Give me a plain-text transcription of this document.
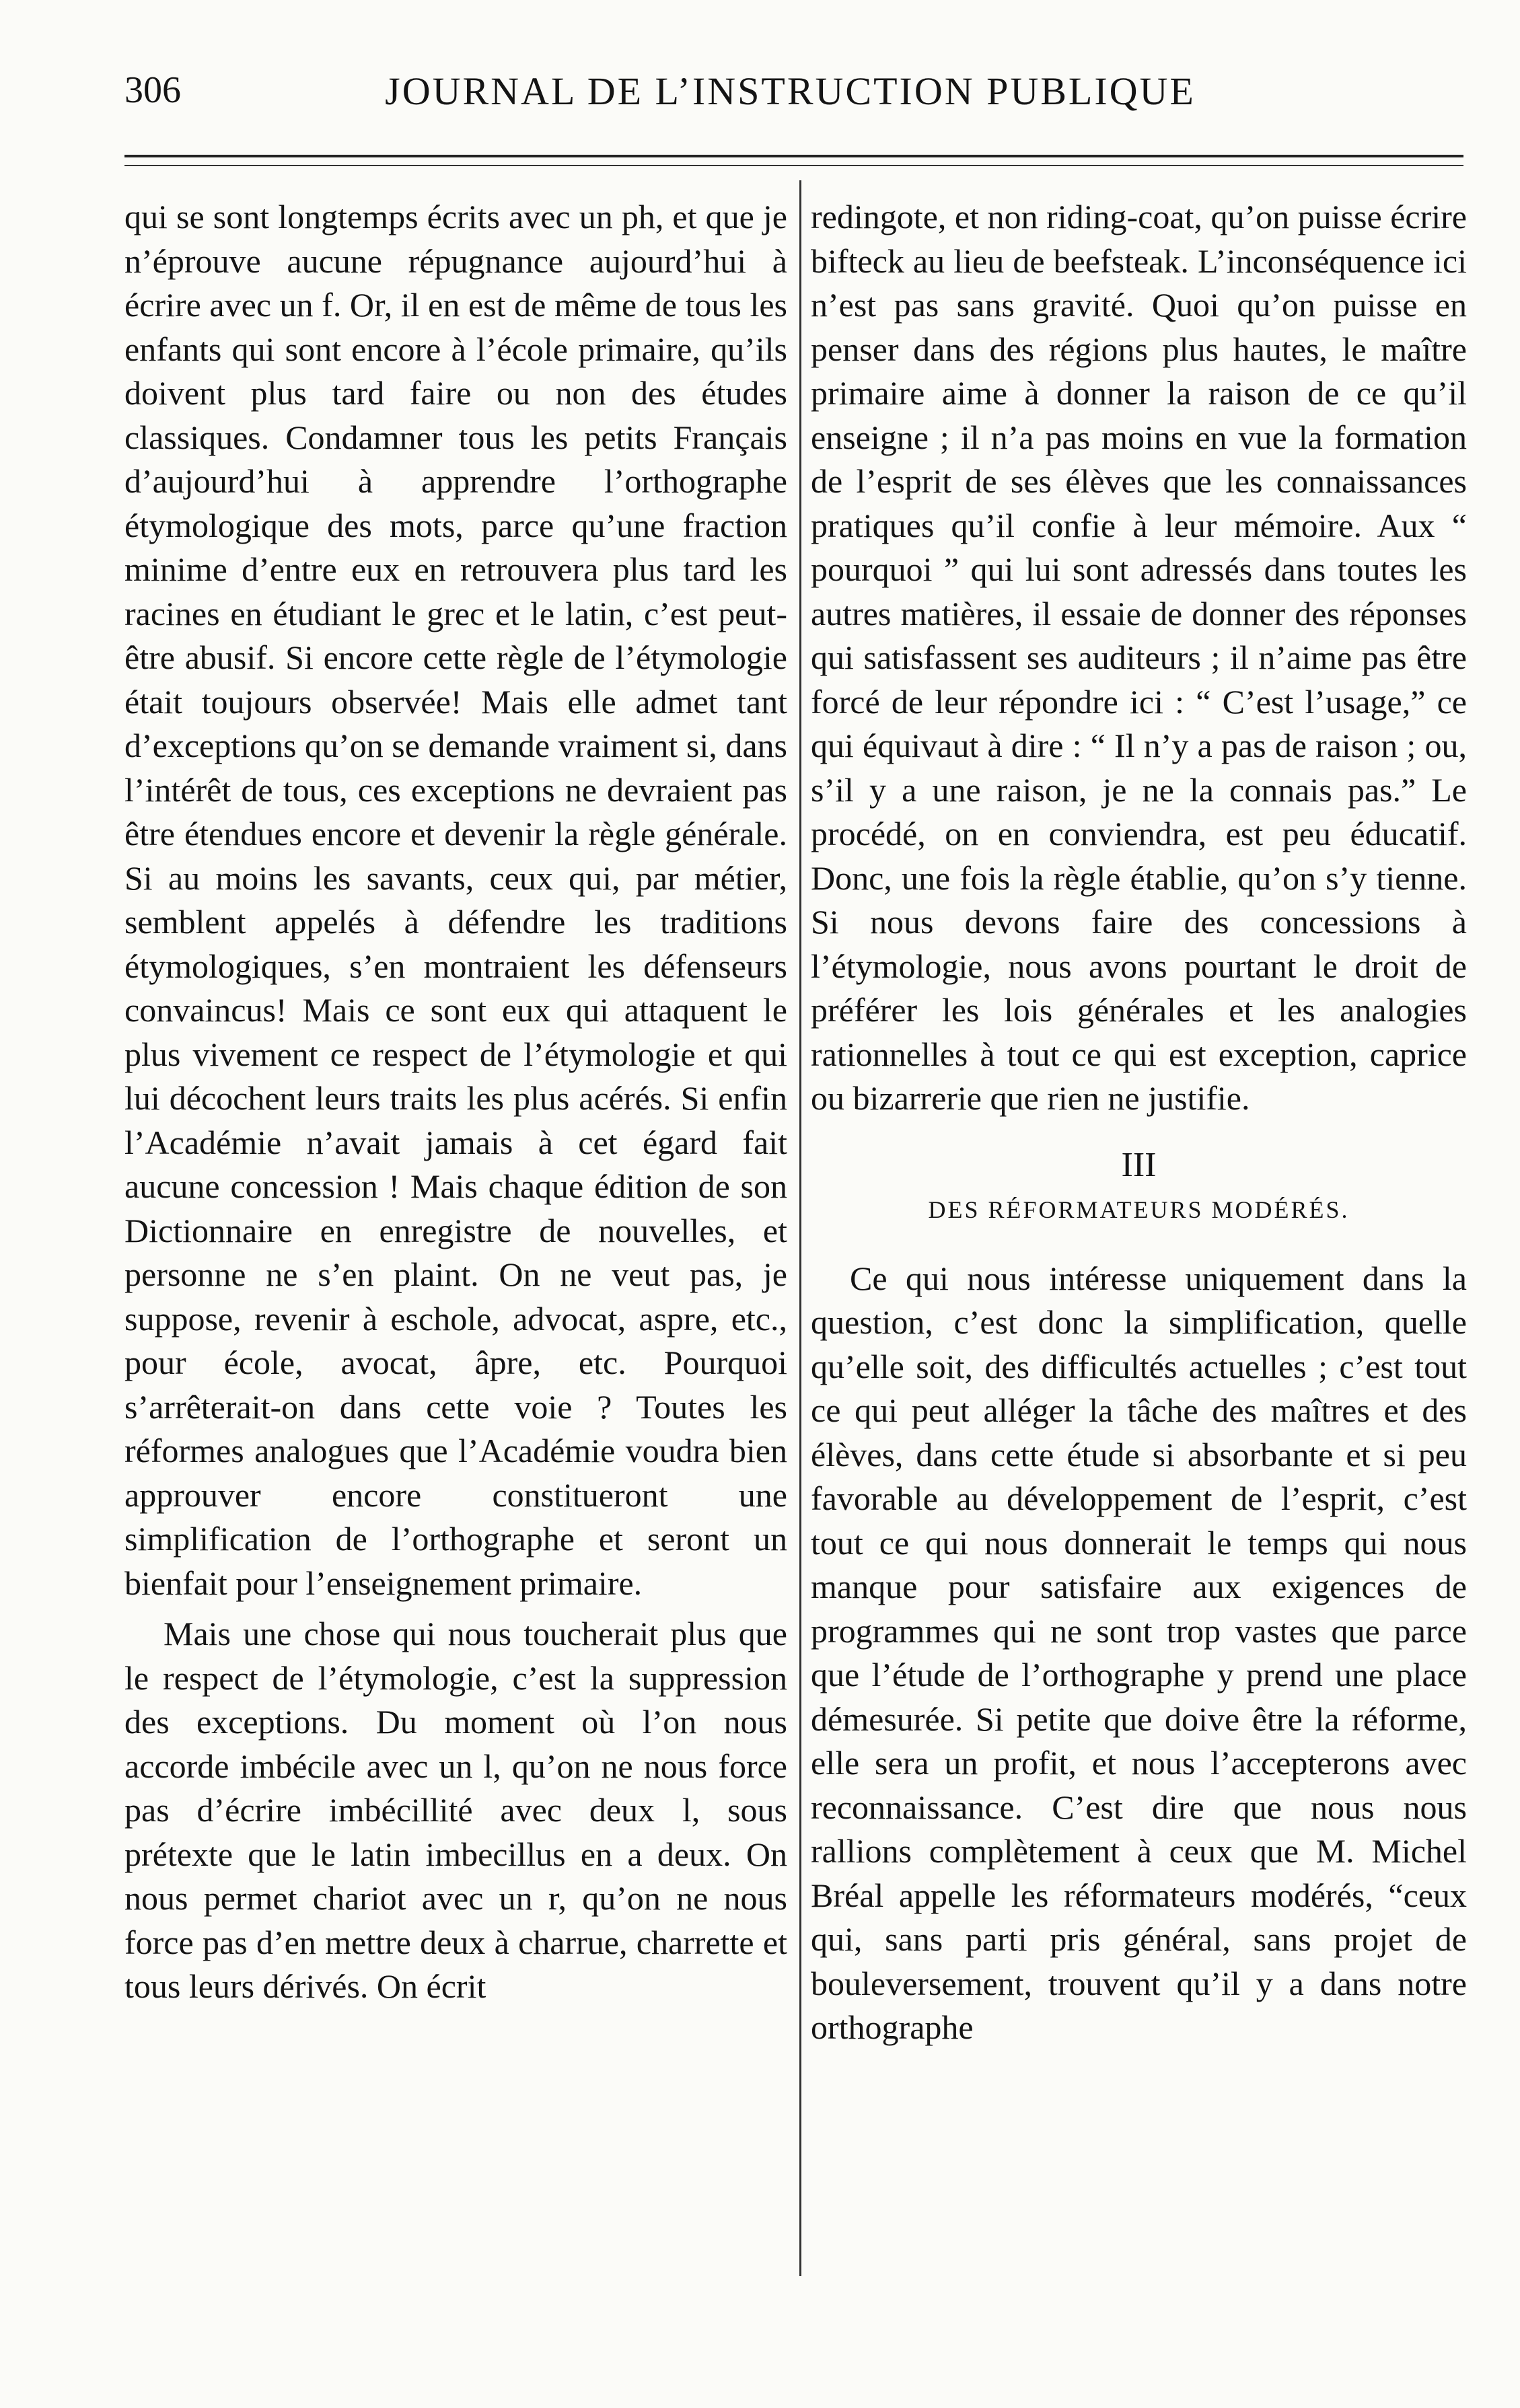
306	JOURNAL DE L’INSTRUCTION PUBLIQUE

qui se sont longtemps écrits avec un ph, et que je n’éprouve aucune répugnance aujourd’hui à écrire avec un f. Or, il en est de même de tous les enfants qui sont encore à l’école primaire, qu’ils doivent plus tard faire ou non des études classiques. Condamner tous les petits Français d’aujourd’hui à apprendre l’orthographe étymologique des mots, parce qu’une fraction minime d’entre eux en retrouvera plus tard les racines en étudiant le grec et le latin, c’est peut-être abusif. Si encore cette règle de l’étymologie était toujours observée! Mais elle admet tant d’exceptions qu’on se demande vraiment si, dans l’intérêt de tous, ces exceptions ne devraient pas être étendues encore et devenir la règle générale. Si au moins les savants, ceux qui, par métier, semblent appelés à défendre les traditions étymologiques, s’en montraient les défenseurs convaincus! Mais ce sont eux qui attaquent le plus vivement ce respect de l’étymologie et qui lui décochent leurs traits les plus acérés. Si enfin l’Académie n’avait jamais à cet égard fait aucune concession ! Mais chaque édition de son Dictionnaire en enregistre de nouvelles, et personne ne s’en plaint. On ne veut pas, je suppose, revenir à eschole, advocat, aspre, etc., pour école, avocat, âpre, etc. Pourquoi s’arrêterait-on dans cette voie ? Toutes les réformes analogues que l’Académie voudra bien approuver encore constitueront une simplification de l’orthographe et seront un bienfait pour l’enseignement primaire.

Mais une chose qui nous toucherait plus que le respect de l’étymologie, c’est la suppression des exceptions. Du moment où l’on nous accorde imbécile avec un l, qu’on ne nous force pas d’écrire imbécillité avec deux l, sous prétexte que le latin imbecillus en a deux. On nous permet chariot avec un r, qu’on ne nous force pas d’en mettre deux à charrue, charrette et tous leurs dérivés. On écrit

redingote, et non riding-coat, qu’on puisse écrire bifteck au lieu de beefsteak. L’inconséquence ici n’est pas sans gravité. Quoi qu’on puisse en penser dans des régions plus hautes, le maître primaire aime à donner la raison de ce qu’il enseigne ; il n’a pas moins en vue la formation de l’esprit de ses élèves que les connaissances pratiques qu’il confie à leur mémoire. Aux “ pourquoi ” qui lui sont adressés dans toutes les autres matières, il essaie de donner des réponses qui satisfassent ses auditeurs ; il n’aime pas être forcé de leur répondre ici : “ C’est l’usage,” ce qui équivaut à dire : “ Il n’y a pas de raison ; ou, s’il y a une raison, je ne la connais pas.” Le procédé, on en conviendra, est peu éducatif. Donc, une fois la règle établie, qu’on s’y tienne. Si nous devons faire des concessions à l’étymologie, nous avons pourtant le droit de préférer les lois générales et les analogies rationnelles à tout ce qui est exception, caprice ou bizarrerie que rien ne justifie.

III

DES RÉFORMATEURS MODÉRÉS.

Ce qui nous intéresse uniquement dans la question, c’est donc la simplification, quelle qu’elle soit, des difficultés actuelles ; c’est tout ce qui peut alléger la tâche des maîtres et des élèves, dans cette étude si absorbante et si peu favorable au développement de l’esprit, c’est tout ce qui nous donnerait le temps qui nous manque pour satisfaire aux exigences de programmes qui ne sont trop vastes que parce que l’étude de l’orthographe y prend une place démesurée. Si petite que doive être la réforme, elle sera un profit, et nous l’accepterons avec reconnaissance. C’est dire que nous nous rallions complètement à ceux que M. Michel Bréal appelle les réformateurs modérés, “ceux qui, sans parti pris général, sans projet de bouleversement, trouvent qu’il y a dans notre orthographe
